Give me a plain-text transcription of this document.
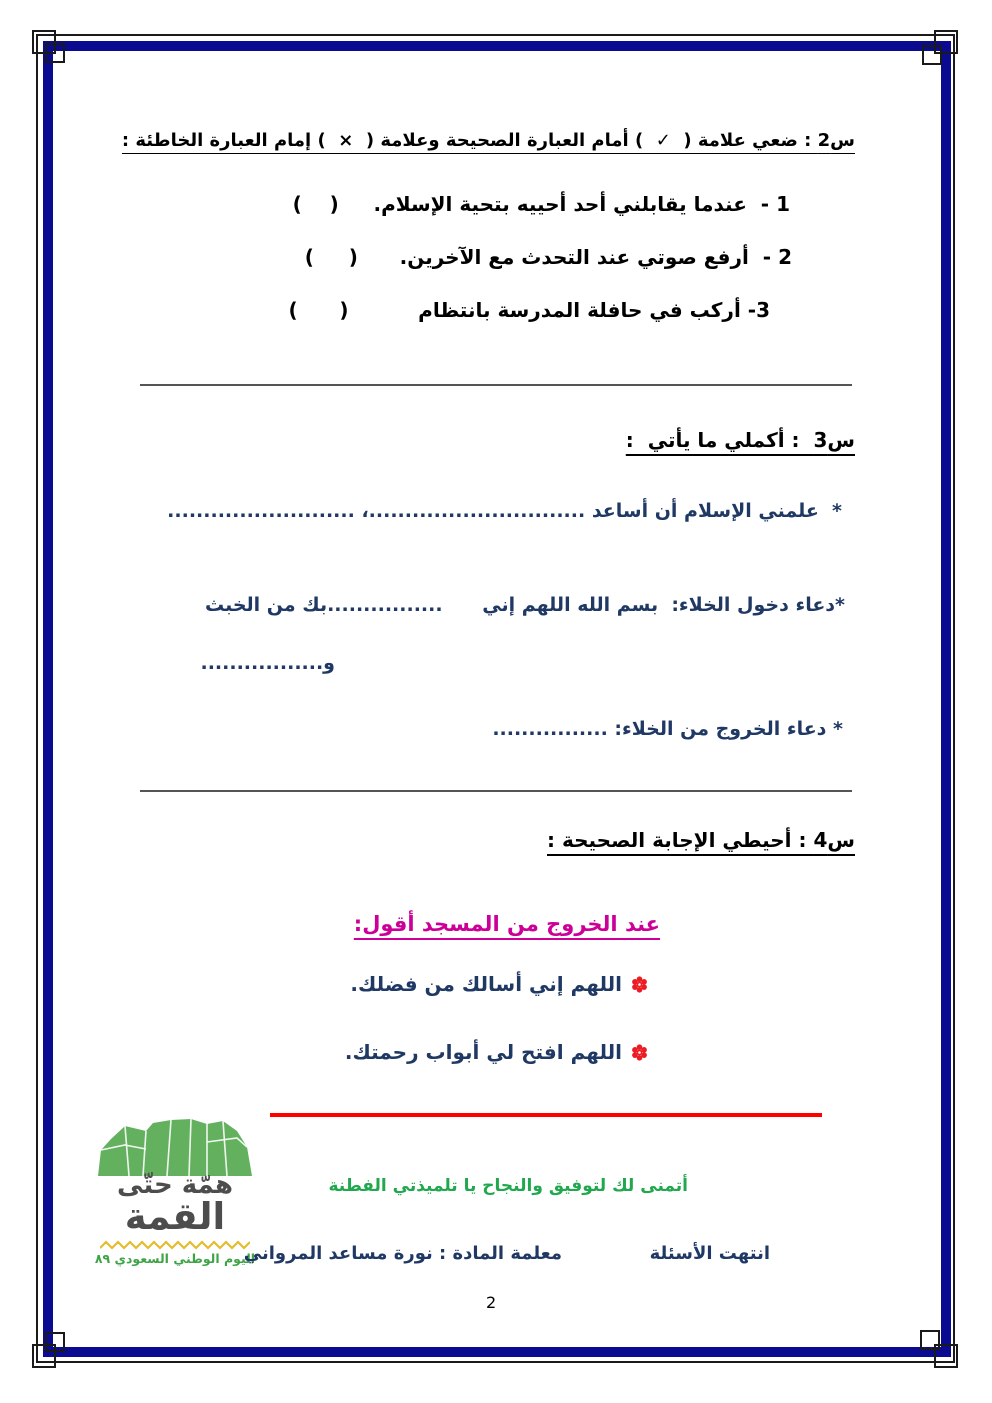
س2 : ضعي علامة (  ✓  ) أمام العبارة الصحيحة وعلامة (  ×  ) إمام العبارة الخاطئة :
1 -  عندما يقابلني أحد أحييه بتحية الإسلام.     (    )
2 -  أرفع صوتي عند التحدث مع الآخرين.      (     )
3- أركب في حافلة المدرسة بانتظام          (      )
س3  : أكملي ما يأتي  :
*  علمني الإسلام أن أساعد ..............................، ..........................
*دعاء دخول الخلاء:  بسم الله اللهم إني      ................بك من الخبث
و.................
* دعاء الخروج من الخلاء: ................
س4 : أحيطي الإجابة الصحيحة :
عند الخروج من المسجد أقول:
اللهم إني أسالك من فضلك.
اللهم افتح لي أبواب رحمتك.
همّة حتّى
القمة
اليوم الوطني السعودي ٨٩
أتمنى لك لتوفيق والنجاح يا تلميذتي الفطنة
انتهت الأسئلة
معلمة المادة : نورة مساعد المرواني
2
